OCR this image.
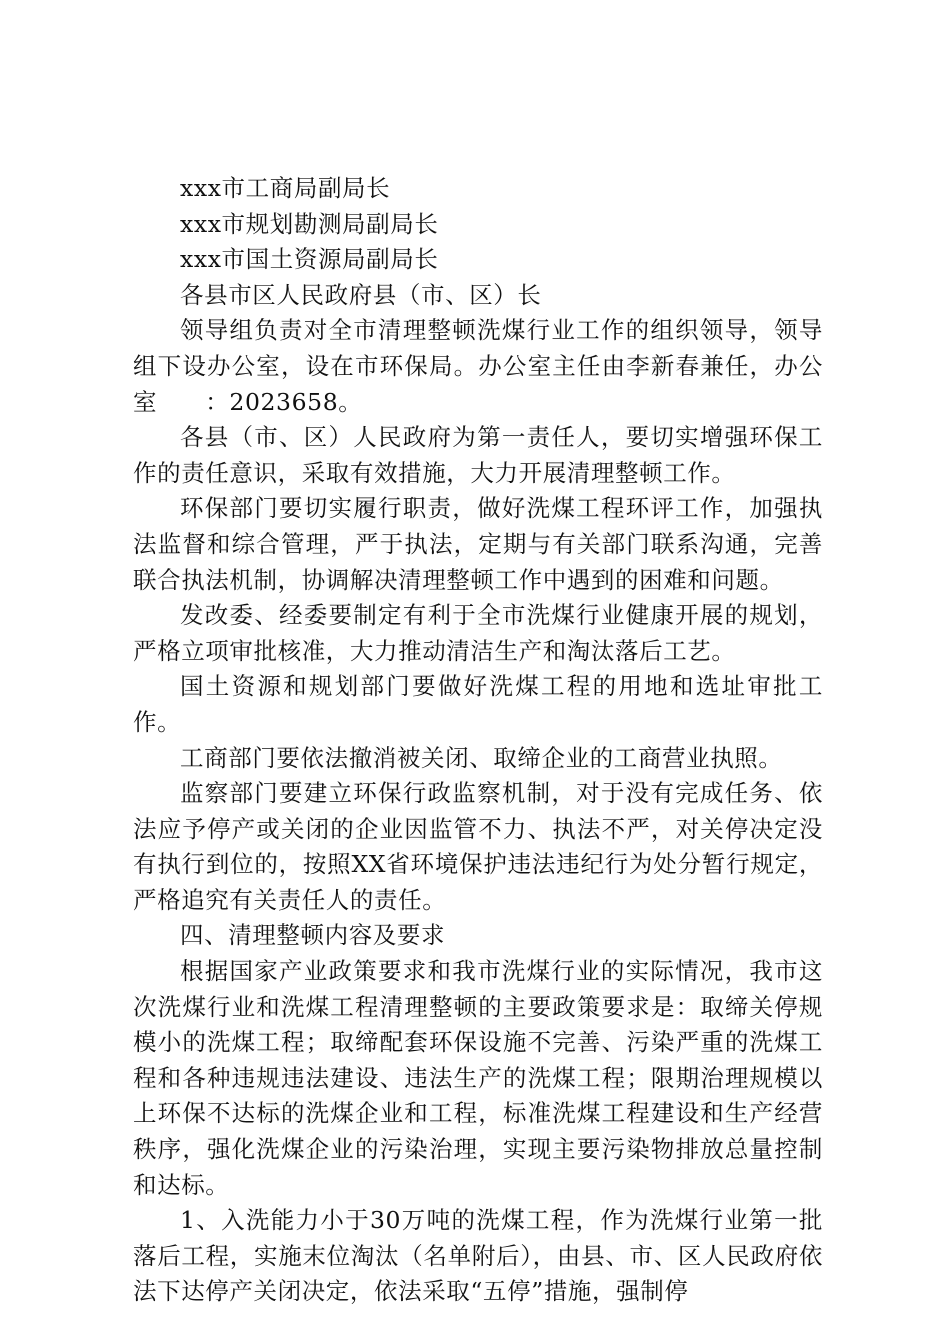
xxx市工商局副局长

xxx市规划勘测局副局长

xxx市国土资源局副局长

各县市区人民政府县（市、区）长

领导组负责对全市清理整顿洗煤行业工作的组织领导，领导组下设办公室，设在市环保局。办公室主任由李新春兼任，办公室　　：2023658。

各县（市、区）人民政府为第一责任人，要切实增强环保工作的责任意识，采取有效措施，大力开展清理整顿工作。

环保部门要切实履行职责，做好洗煤工程环评工作，加强执法监督和综合管理，严于执法，定期与有关部门联系沟通，完善联合执法机制，协调解决清理整顿工作中遇到的困难和问题。

发改委、经委要制定有利于全市洗煤行业健康开展的规划，严格立项审批核准，大力推动清洁生产和淘汰落后工艺。

国土资源和规划部门要做好洗煤工程的用地和选址审批工作。

工商部门要依法撤消被关闭、取缔企业的工商营业执照。

监察部门要建立环保行政监察机制，对于没有完成任务、依法应予停产或关闭的企业因监管不力、执法不严，对关停决定没有执行到位的，按照XX省环境保护违法违纪行为处分暂行规定，严格追究有关责任人的责任。

四、清理整顿内容及要求

根据国家产业政策要求和我市洗煤行业的实际情况，我市这次洗煤行业和洗煤工程清理整顿的主要政策要求是：取缔关停规模小的洗煤工程；取缔配套环保设施不完善、污染严重的洗煤工程和各种违规违法建设、违法生产的洗煤工程；限期治理规模以上环保不达标的洗煤企业和工程，标准洗煤工程建设和生产经营秩序，强化洗煤企业的污染治理，实现主要污染物排放总量控制和达标。

1、入洗能力小于30万吨的洗煤工程，作为洗煤行业第一批落后工程，实施末位淘汰（名单附后），由县、市、区人民政府依法下达停产关闭决定，依法采取“五停”措施，强制停
